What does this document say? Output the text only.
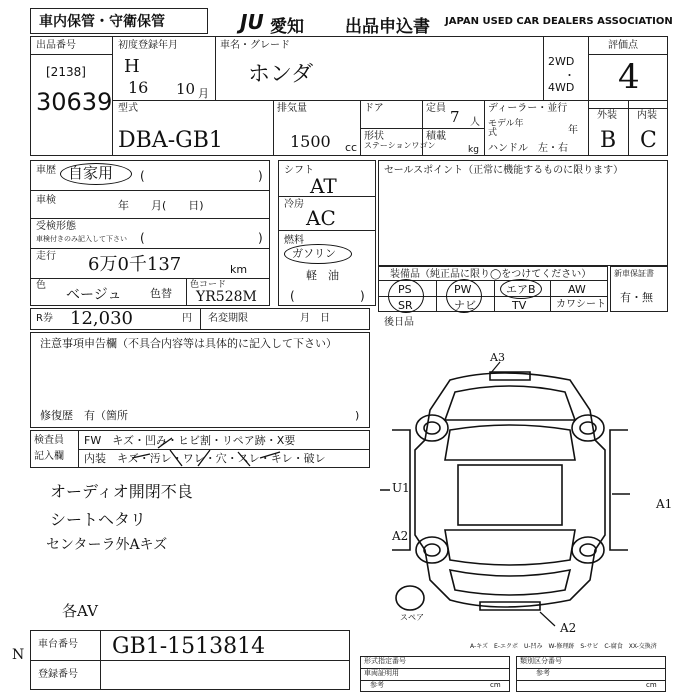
車内保管・守衛保管	JU 愛知 出品申込書 JAPAN USED CAR DEALERS ASSOCIATION
出品番号
[2138]
30639
初度登録年月
H
16 10 月
車名・グレード
ホンダ
2WD
・
4WD
評価点
4
型式
DBA-GB1
排気量
1500 cc
ドア
形状
ステーションワゴン
定員 7 人
積載
kg
ディーラー・並行
モデル年式	年
ハンドル　左・右
外装 内装
B C
車歴 自家用 (	)
車検	年　　月(　　日)
受検形態
車検付きのみ記入して下さい (	)
走行 6万0千137	km
色
ベージュ	色替
色コード
YR528M
R券 12,030	円 名変期限	月　日
注意事項申告欄（不具合内容等は具体的に記入して下さい）
修復歴　有（箇所	)
検査員
記入欄
FW　キズ・凹み・ヒビ割・リペア跡・X要
内装　キズ・汚レ・ワレ・穴・スレ・キレ・破レ
オーディオ開閉不良
シートヘタリ
センターラ外Aキズ
各AV
車台番号 GB1-1513814
登録番号
N
シフト
AT
冷房
AC
燃料
ガソリン
軽　油
(	)
セールスポイント（正常に機能するものに限ります）
装備品（純正品に限り◯をつけてください）
PS	PW	エアB	AW
SR	ナビ	TV	カワシート
新車保証書
有・無
後日品
A3
U1
A2
A1
A2
スペア
A-キズ　E-エクボ　U-凹み　W-修理跡　S-サビ　C-腐食　XX-交換済
形式指定番号
車両証明用
参考	cm
類別区分番号
参考
cm
